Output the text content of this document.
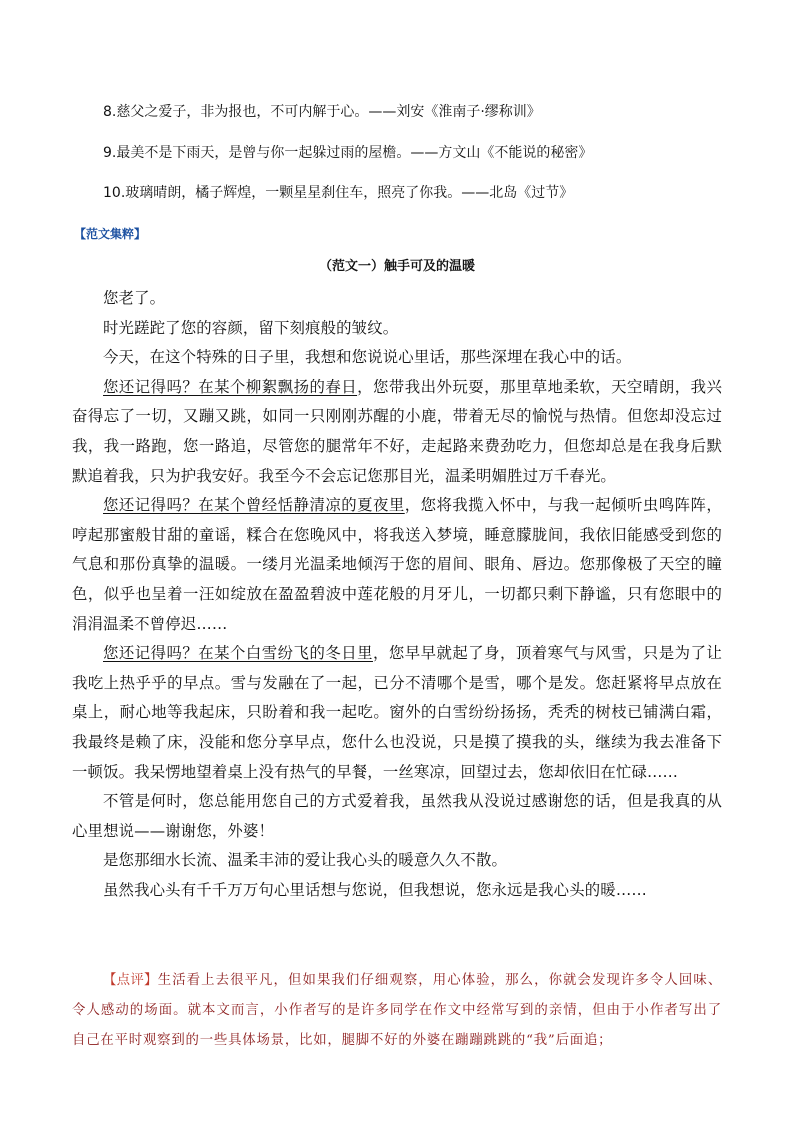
8.慈父之爱子，非为报也，不可内解于心。——刘安《淮南子·缪称训》
9.最美不是下雨天，是曾与你一起躲过雨的屋檐。——方文山《不能说的秘密》
10.玻璃晴朗，橘子辉煌，一颗星星刹住车，照亮了你我。——北岛《过节》
【范文集粹】
（范文一）触手可及的温暖

您老了。

时光蹉跎了您的容颜，留下刻痕般的皱纹。

今天，在这个特殊的日子里，我想和您说说心里话，那些深埋在我心中的话。

您还记得吗？在某个柳絮飘扬的春日，您带我出外玩耍，那里草地柔软，天空晴朗，我兴奋得忘了一切，又蹦又跳，如同一只刚刚苏醒的小鹿，带着无尽的愉悦与热情。但您却没忘过我，我一路跑，您一路追，尽管您的腿常年不好，走起路来费劲吃力，但您却总是在我身后默默追着我，只为护我安好。我至今不会忘记您那目光，温柔明媚胜过万千春光。

您还记得吗？在某个曾经恬静清凉的夏夜里，您将我揽入怀中，与我一起倾听虫鸣阵阵，哼起那蜜般甘甜的童谣，糅合在您晚风中，将我送入梦境，睡意朦胧间，我依旧能感受到您的气息和那份真挚的温暖。一缕月光温柔地倾泻于您的眉间、眼角、唇边。您那像极了天空的瞳色，似乎也呈着一汪如绽放在盈盈碧波中莲花般的月牙儿，一切都只剩下静谧，只有您眼中的涓涓温柔不曾停迟……

您还记得吗？在某个白雪纷飞的冬日里，您早早就起了身，顶着寒气与风雪，只是为了让我吃上热乎乎的早点。雪与发融在了一起，已分不清哪个是雪，哪个是发。您赶紧将早点放在桌上，耐心地等我起床，只盼着和我一起吃。窗外的白雪纷纷扬扬，秃秃的树枝已铺满白霜，我最终是赖了床，没能和您分享早点，您什么也没说，只是摸了摸我的头，继续为我去准备下一顿饭。我呆愣地望着桌上没有热气的早餐，一丝寒凉，回望过去，您却依旧在忙碌……

不管是何时，您总能用您自己的方式爱着我，虽然我从没说过感谢您的话，但是我真的从心里想说——谢谢您，外婆！

是您那细水长流、温柔丰沛的爱让我心头的暖意久久不散。

虽然我心头有千千万万句心里话想与您说，但我想说，您永远是我心头的暖……

【点评】生活看上去很平凡，但如果我们仔细观察，用心体验，那么，你就会发现许多令人回味、令人感动的场面。就本文而言，小作者写的是许多同学在作文中经常写到的亲情，但由于小作者写出了自己在平时观察到的一些具体场景，比如，腿脚不好的外婆在蹦蹦跳跳的“我”后面追；
